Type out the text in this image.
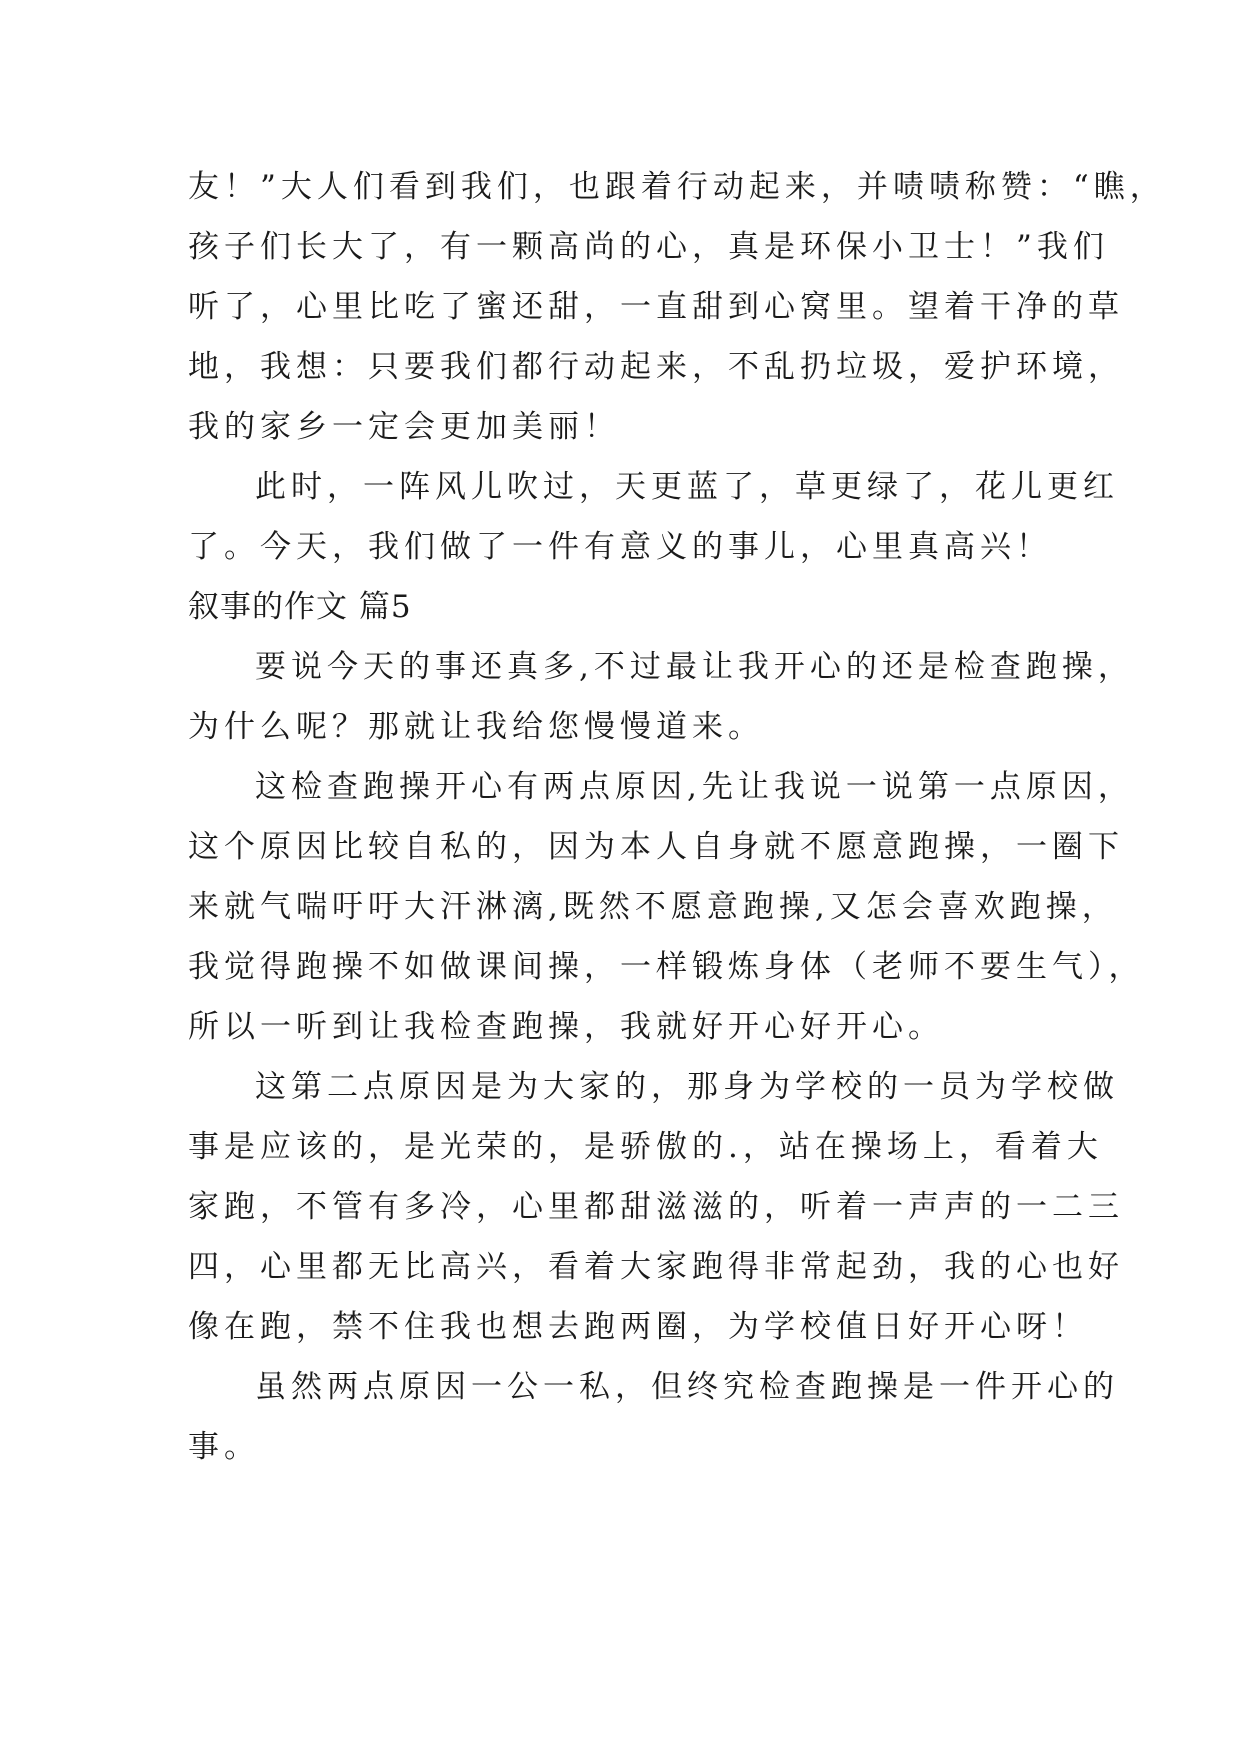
友！”大人们看到我们，也跟着行动起来，并啧啧称赞：“瞧，

孩子们长大了，有一颗高尚的心，真是环保小卫士！”我们

听了，心里比吃了蜜还甜，一直甜到心窝里。望着干净的草

地，我想：只要我们都行动起来，不乱扔垃圾，爱护环境，

我的家乡一定会更加美丽！

此时，一阵风儿吹过，天更蓝了，草更绿了，花儿更红

了。今天，我们做了一件有意义的事儿，心里真高兴！

叙事的作文 篇5

要说今天的事还真多,不过最让我开心的还是检查跑操，

为什么呢？那就让我给您慢慢道来。

这检查跑操开心有两点原因,先让我说一说第一点原因，

这个原因比较自私的，因为本人自身就不愿意跑操，一圈下

来就气喘吁吁大汗淋漓,既然不愿意跑操,又怎会喜欢跑操，

我觉得跑操不如做课间操，一样锻炼身体（老师不要生气），

所以一听到让我检查跑操，我就好开心好开心。

这第二点原因是为大家的，那身为学校的一员为学校做

事是应该的，是光荣的，是骄傲的.，站在操场上，看着大

家跑，不管有多冷，心里都甜滋滋的，听着一声声的一二三

四，心里都无比高兴，看着大家跑得非常起劲，我的心也好

像在跑，禁不住我也想去跑两圈，为学校值日好开心呀！

虽然两点原因一公一私，但终究检查跑操是一件开心的

事。
